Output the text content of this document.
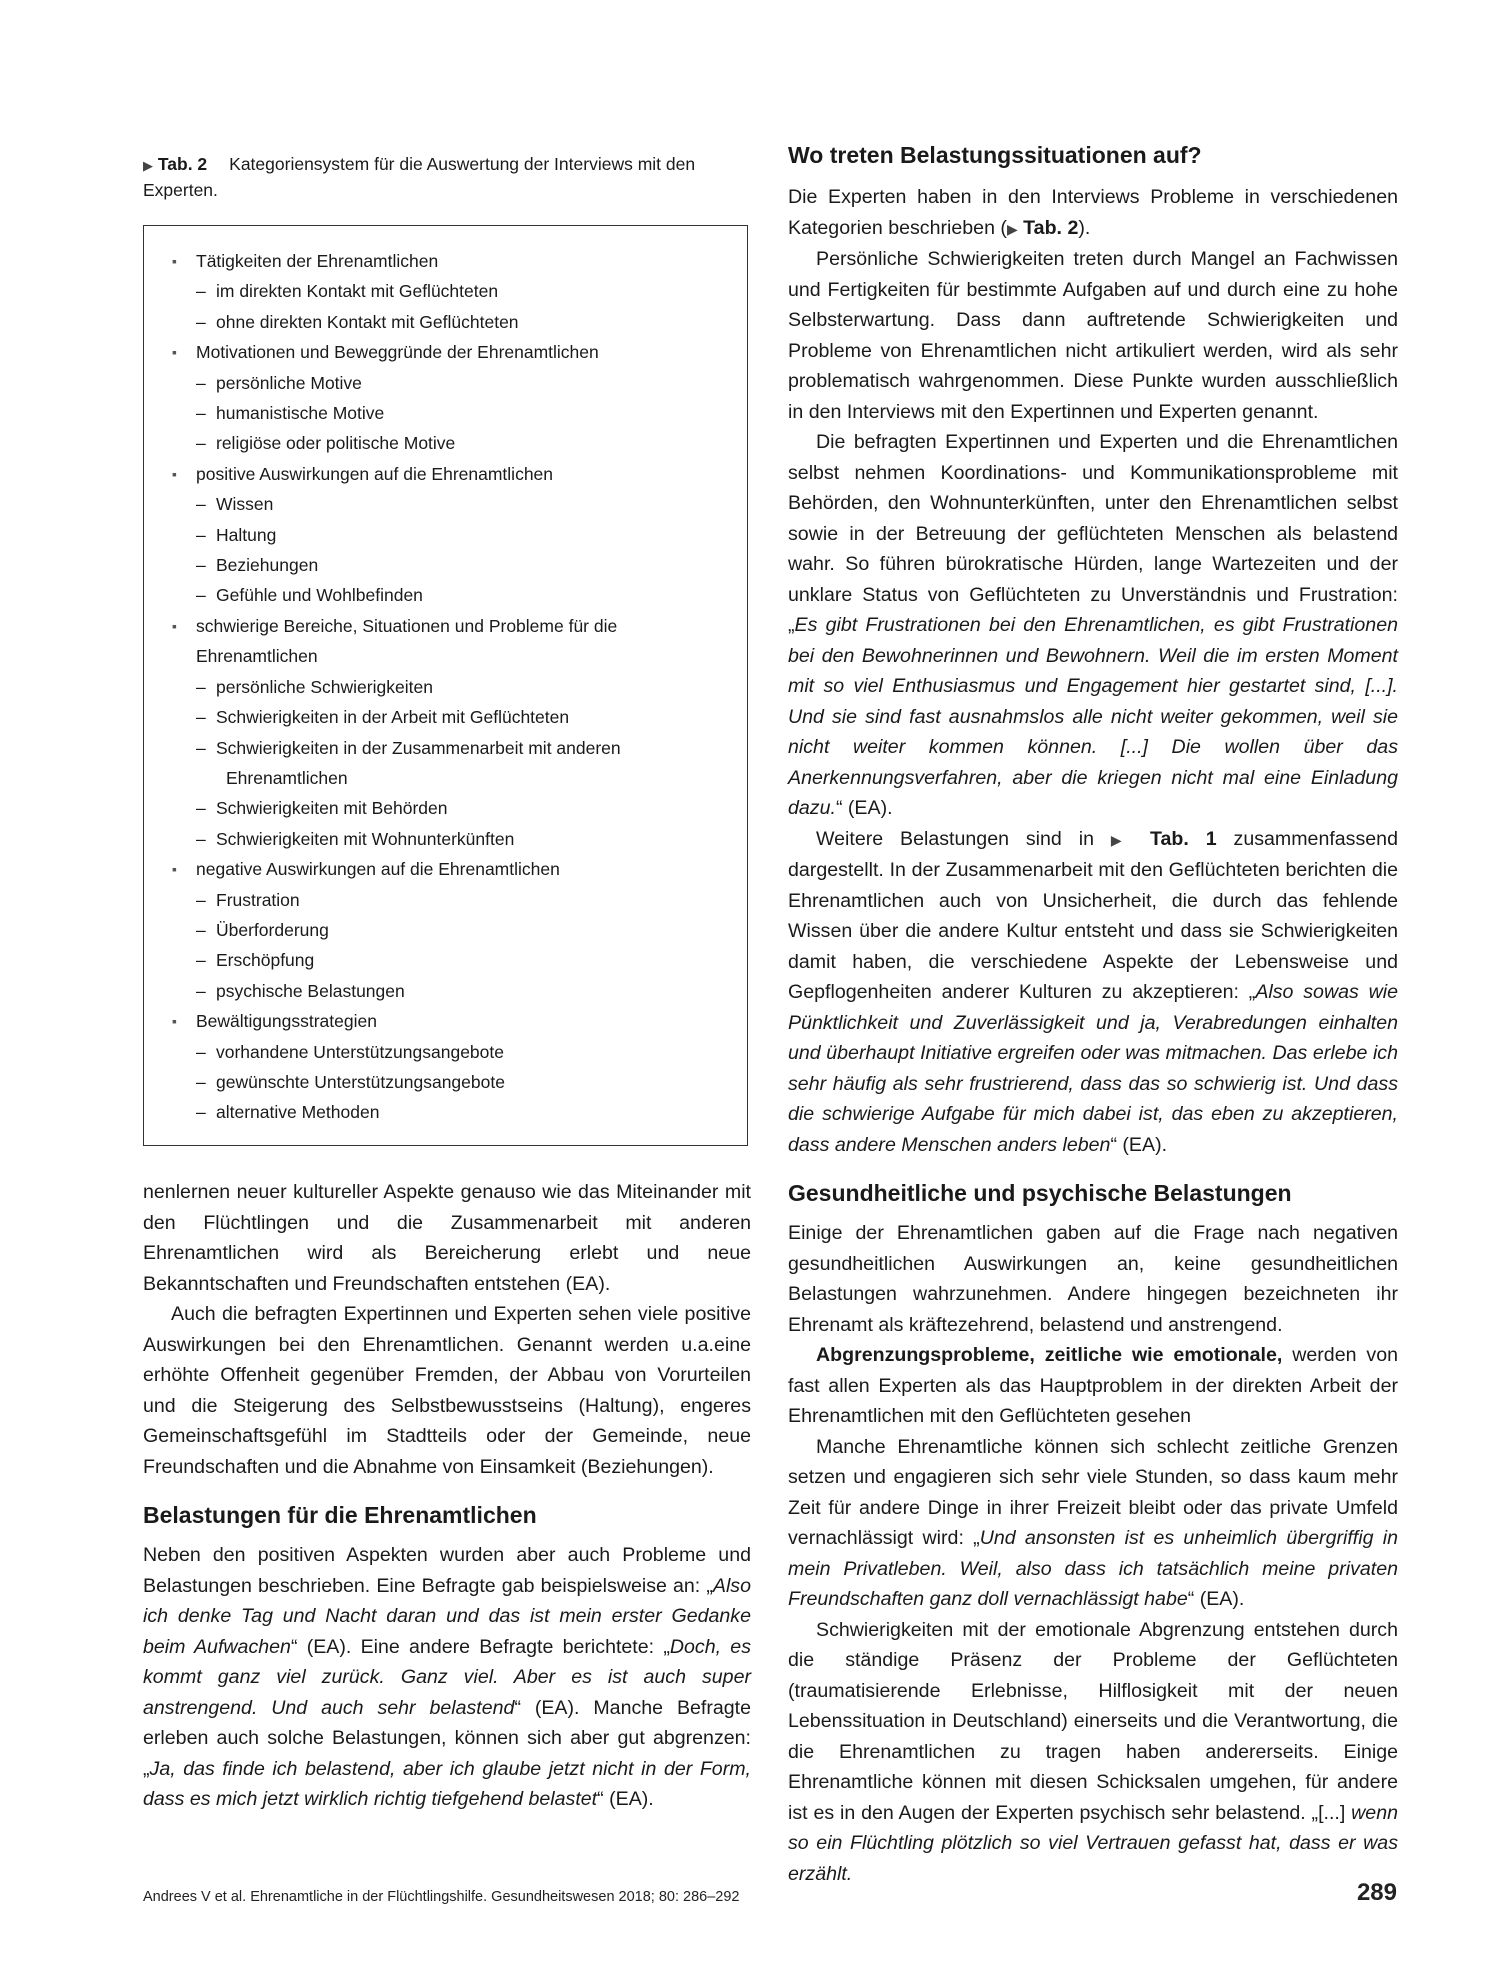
▶ Tab. 2 Kategoriensystem für die Auswertung der Interviews mit den Experten.
▪ Tätigkeiten der Ehrenamtlichen
– im direkten Kontakt mit Geflüchteten
– ohne direkten Kontakt mit Geflüchteten
▪ Motivationen und Beweggründe der Ehrenamtlichen
– persönliche Motive
– humanistische Motive
– religiöse oder politische Motive
▪ positive Auswirkungen auf die Ehrenamtlichen
– Wissen
– Haltung
– Beziehungen
– Gefühle und Wohlbefinden
▪ schwierige Bereiche, Situationen und Probleme für die Ehrenamtlichen
– persönliche Schwierigkeiten
– Schwierigkeiten in der Arbeit mit Geflüchteten
– Schwierigkeiten in der Zusammenarbeit mit anderen
Ehrenamtlichen
– Schwierigkeiten mit Behörden
– Schwierigkeiten mit Wohnunterkünften
▪ negative Auswirkungen auf die Ehrenamtlichen
– Frustration
– Überforderung
– Erschöpfung
– psychische Belastungen
▪ Bewältigungsstrategien
– vorhandene Unterstützungsangebote
– gewünschte Unterstützungsangebote
– alternative Methoden

nenlernen neuer kultureller Aspekte genauso wie das Miteinander mit den Flüchtlingen und die Zusammenarbeit mit anderen Ehrenamtlichen wird als Bereicherung erlebt und neue Bekanntschaften und Freundschaften entstehen (EA).

Auch die befragten Expertinnen und Experten sehen viele positive Auswirkungen bei den Ehrenamtlichen. Genannt werden u.a.eine erhöhte Offenheit gegenüber Fremden, der Abbau von Vorurteilen und die Steigerung des Selbstbewusstseins (Haltung), engeres Gemeinschaftsgefühl im Stadtteils oder der Gemeinde, neue Freundschaften und die Abnahme von Einsamkeit (Beziehungen).

Belastungen für die Ehrenamtlichen

Neben den positiven Aspekten wurden aber auch Probleme und Belastungen beschrieben. Eine Befragte gab beispielsweise an: „Also ich denke Tag und Nacht daran und das ist mein erster Gedanke beim Aufwachen“ (EA). Eine andere Befragte berichtete: „Doch, es kommt ganz viel zurück. Ganz viel. Aber es ist auch super anstrengend. Und auch sehr belastend“ (EA). Manche Befragte erleben auch solche Belastungen, können sich aber gut abgrenzen: „Ja, das finde ich belastend, aber ich glaube jetzt nicht in der Form, dass es mich jetzt wirklich richtig tiefgehend belastet“ (EA).

Wo treten Belastungssituationen auf?

Die Experten haben in den Interviews Probleme in verschiedenen Kategorien beschrieben (▶ Tab. 2).

Persönliche Schwierigkeiten treten durch Mangel an Fachwissen und Fertigkeiten für bestimmte Aufgaben auf und durch eine zu hohe Selbsterwartung. Dass dann auftretende Schwierigkeiten und Probleme von Ehrenamtlichen nicht artikuliert werden, wird als sehr problematisch wahrgenommen. Diese Punkte wurden ausschließlich in den Interviews mit den Expertinnen und Experten genannt.

Die befragten Expertinnen und Experten und die Ehrenamtlichen selbst nehmen Koordinations- und Kommunikationsprobleme mit Behörden, den Wohnunterkünften, unter den Ehrenamtlichen selbst sowie in der Betreuung der geflüchteten Menschen als belastend wahr. So führen bürokratische Hürden, lange Wartezeiten und der unklare Status von Geflüchteten zu Unverständnis und Frustration: „Es gibt Frustrationen bei den Ehrenamtlichen, es gibt Frustrationen bei den Bewohnerinnen und Bewohnern. Weil die im ersten Moment mit so viel Enthusiasmus und Engagement hier gestartet sind, [...]. Und sie sind fast ausnahmslos alle nicht weiter gekommen, weil sie nicht weiter kommen können. [...] Die wollen über das Anerkennungsverfahren, aber die kriegen nicht mal eine Einladung dazu.“ (EA).

Weitere Belastungen sind in ▶ Tab. 1 zusammenfassend dargestellt. In der Zusammenarbeit mit den Geflüchteten berichten die Ehrenamtlichen auch von Unsicherheit, die durch das fehlende Wissen über die andere Kultur entsteht und dass sie Schwierigkeiten damit haben, die verschiedene Aspekte der Lebensweise und Gepflogenheiten anderer Kulturen zu akzeptieren: „Also sowas wie Pünktlichkeit und Zuverlässigkeit und ja, Verabredungen einhalten und überhaupt Initiative ergreifen oder was mitmachen. Das erlebe ich sehr häufig als sehr frustrierend, dass das so schwierig ist. Und dass die schwierige Aufgabe für mich dabei ist, das eben zu akzeptieren, dass andere Menschen anders leben“ (EA).

Gesundheitliche und psychische Belastungen

Einige der Ehrenamtlichen gaben auf die Frage nach negativen gesundheitlichen Auswirkungen an, keine gesundheitlichen Belastungen wahrzunehmen. Andere hingegen bezeichneten ihr Ehrenamt als kräftezehrend, belastend und anstrengend.

Abgrenzungsprobleme, zeitliche wie emotionale, werden von fast allen Experten als das Hauptproblem in der direkten Arbeit der Ehrenamtlichen mit den Geflüchteten gesehen

Manche Ehrenamtliche können sich schlecht zeitliche Grenzen setzen und engagieren sich sehr viele Stunden, so dass kaum mehr Zeit für andere Dinge in ihrer Freizeit bleibt oder das private Umfeld vernachlässigt wird: „Und ansonsten ist es unheimlich übergriffig in mein Privatleben. Weil, also dass ich tatsächlich meine privaten Freundschaften ganz doll vernachlässigt habe“ (EA).

Schwierigkeiten mit der emotionale Abgrenzung entstehen durch die ständige Präsenz der Probleme der Geflüchteten (traumatisierende Erlebnisse, Hilflosigkeit mit der neuen Lebenssituation in Deutschland) einerseits und die Verantwortung, die die Ehrenamtlichen zu tragen haben andererseits. Einige Ehrenamtliche können mit diesen Schicksalen umgehen, für andere ist es in den Augen der Experten psychisch sehr belastend. „[...] wenn so ein Flüchtling plötzlich so viel Vertrauen gefasst hat, dass er was erzählt.

Andrees V et al. Ehrenamtliche in der Flüchtlingshilfe. Gesundheitswesen 2018; 80: 286–292	289
